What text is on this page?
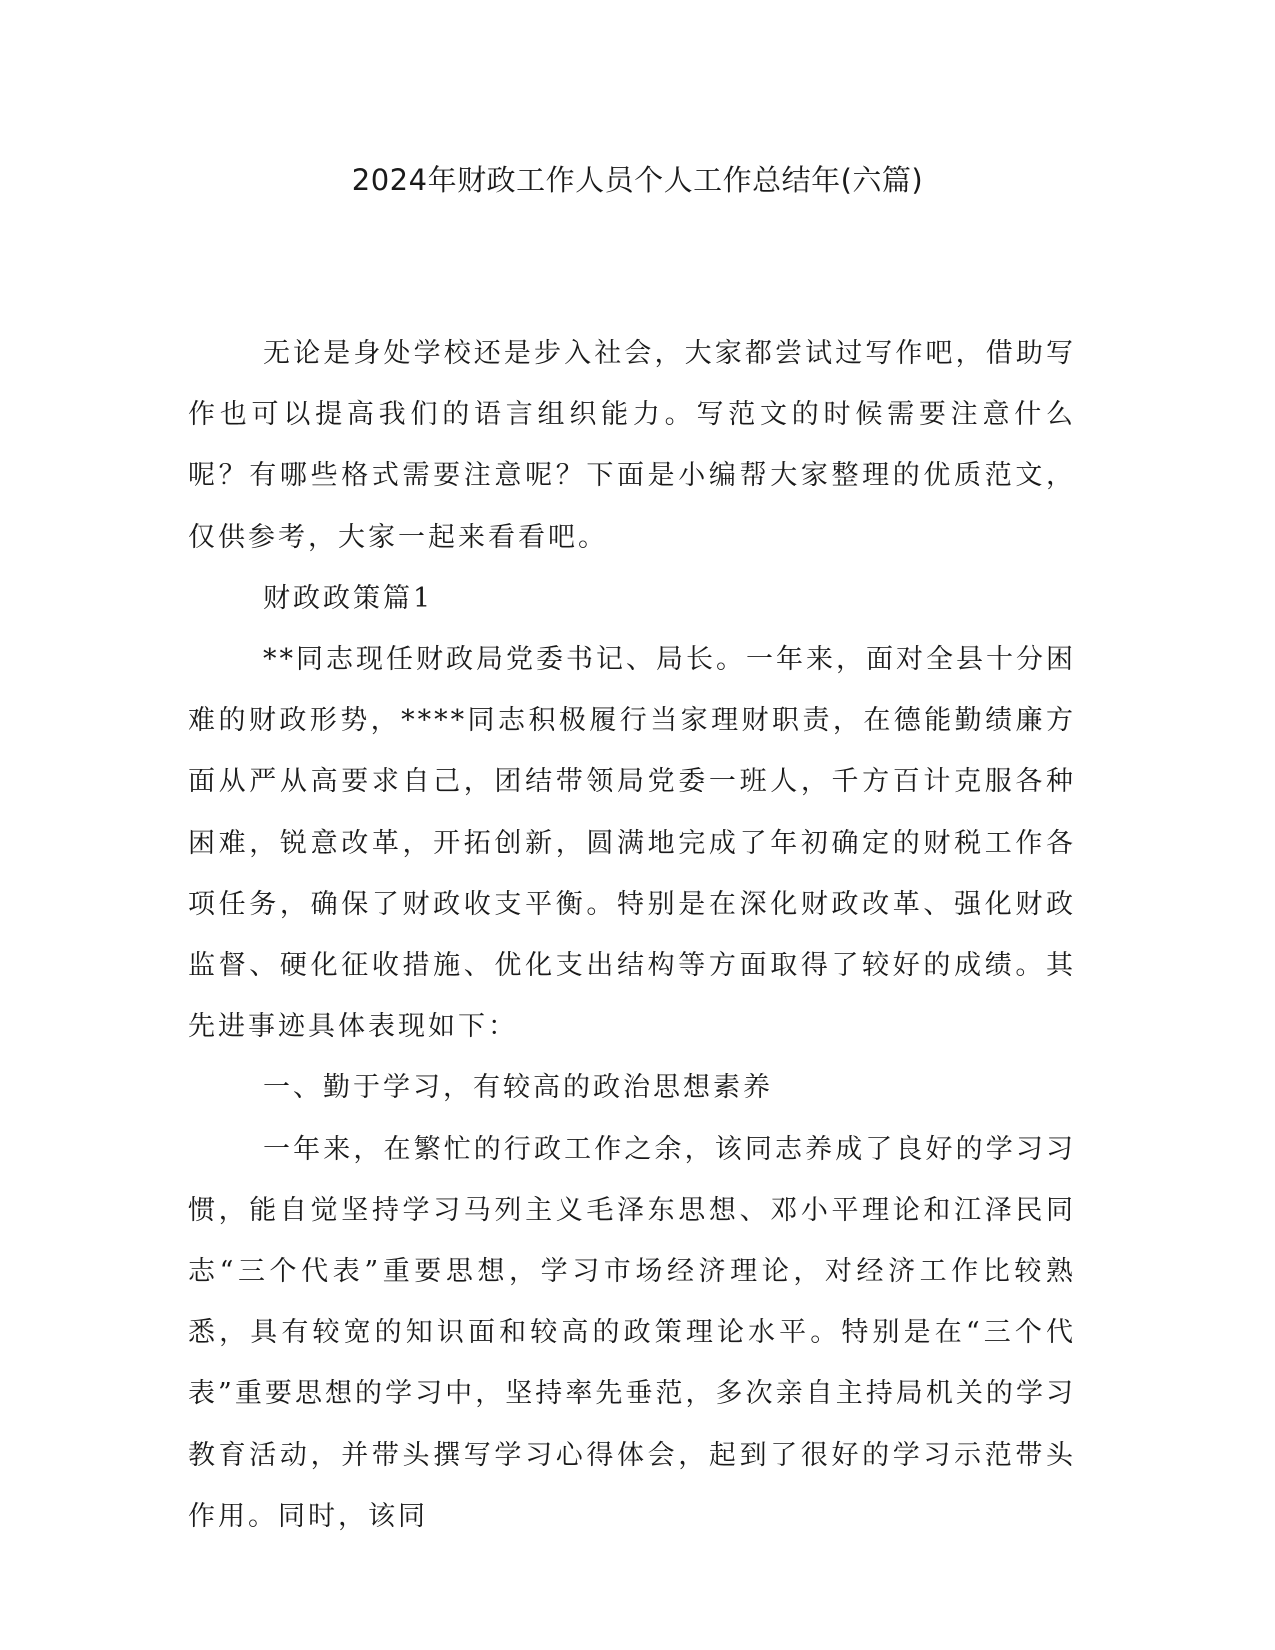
2024年财政工作人员个人工作总结年(六篇)

无论是身处学校还是步入社会，大家都尝试过写作吧，借助写作也可以提高我们的语言组织能力。写范文的时候需要注意什么呢？有哪些格式需要注意呢？下面是小编帮大家整理的优质范文，仅供参考，大家一起来看看吧。

财政政策篇1

**同志现任财政局党委书记、局长。一年来，面对全县十分困难的财政形势，****同志积极履行当家理财职责，在德能勤绩廉方面从严从高要求自己，团结带领局党委一班人，千方百计克服各种困难，锐意改革，开拓创新，圆满地完成了年初确定的财税工作各项任务，确保了财政收支平衡。特别是在深化财政改革、强化财政监督、硬化征收措施、优化支出结构等方面取得了较好的成绩。其先进事迹具体表现如下：

一、勤于学习，有较高的政治思想素养

一年来，在繁忙的行政工作之余，该同志养成了良好的学习习惯，能自觉坚持学习马列主义毛泽东思想、邓小平理论和江泽民同志“三个代表”重要思想，学习市场经济理论，对经济工作比较熟悉，具有较宽的知识面和较高的政策理论水平。特别是在“三个代表”重要思想的学习中，坚持率先垂范，多次亲自主持局机关的学习教育活动，并带头撰写学习心得体会，起到了很好的学习示范带头作用。同时，该同
